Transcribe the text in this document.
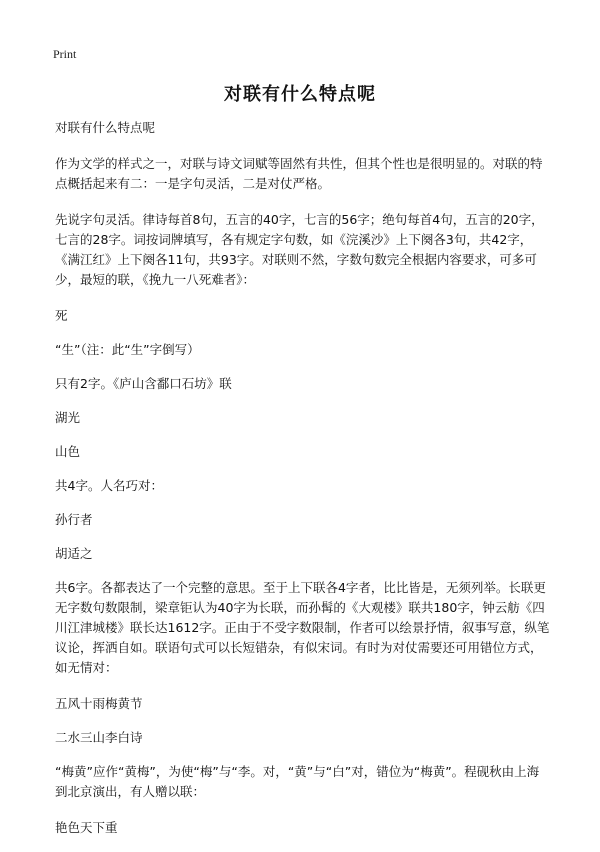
Print
对联有什么特点呢

对联有什么特点呢

作为文学的样式之一，对联与诗文词赋等固然有共性，但其个性也是很明显的。对联的特点概括起来有二：一是字句灵活，二是对仗严格。

先说字句灵活。律诗每首8句，五言的40字，七言的56字；绝句每首4句，五言的20字，七言的28字。词按词牌填写，各有规定字句数，如《浣溪沙》上下阕各3句，共42字，《满江红》上下阕各11句，共93字。对联则不然，字数句数完全根据内容要求，可多可少，最短的联，《挽九一八死难者》：

死

“生”（注：此“生”字倒写）

只有2字。《庐山含鄱口石坊》联

湖光

山色

共4字。人名巧对：

孙行者

胡适之

共6字。各都表达了一个完整的意思。至于上下联各4字者，比比皆是，无须列举。长联更无字数句数限制，梁章钜认为40字为长联，而孙髯的《大观楼》联共180字，钟云舫《四川江津城楼》联长达1612字。正由于不受字数限制，作者可以绘景抒情，叙事写意，纵笔议论，挥洒自如。联语句式可以长短错杂，有似宋词。有时为对仗需要还可用错位方式，如无情对：

五风十雨梅黄节

二水三山李白诗

“梅黄”应作“黄梅”，为使“梅”与“李。对，“黄”与“白”对，错位为“梅黄”。程砚秋由上海到北京演出，有人赠以联：

艳色天下重
